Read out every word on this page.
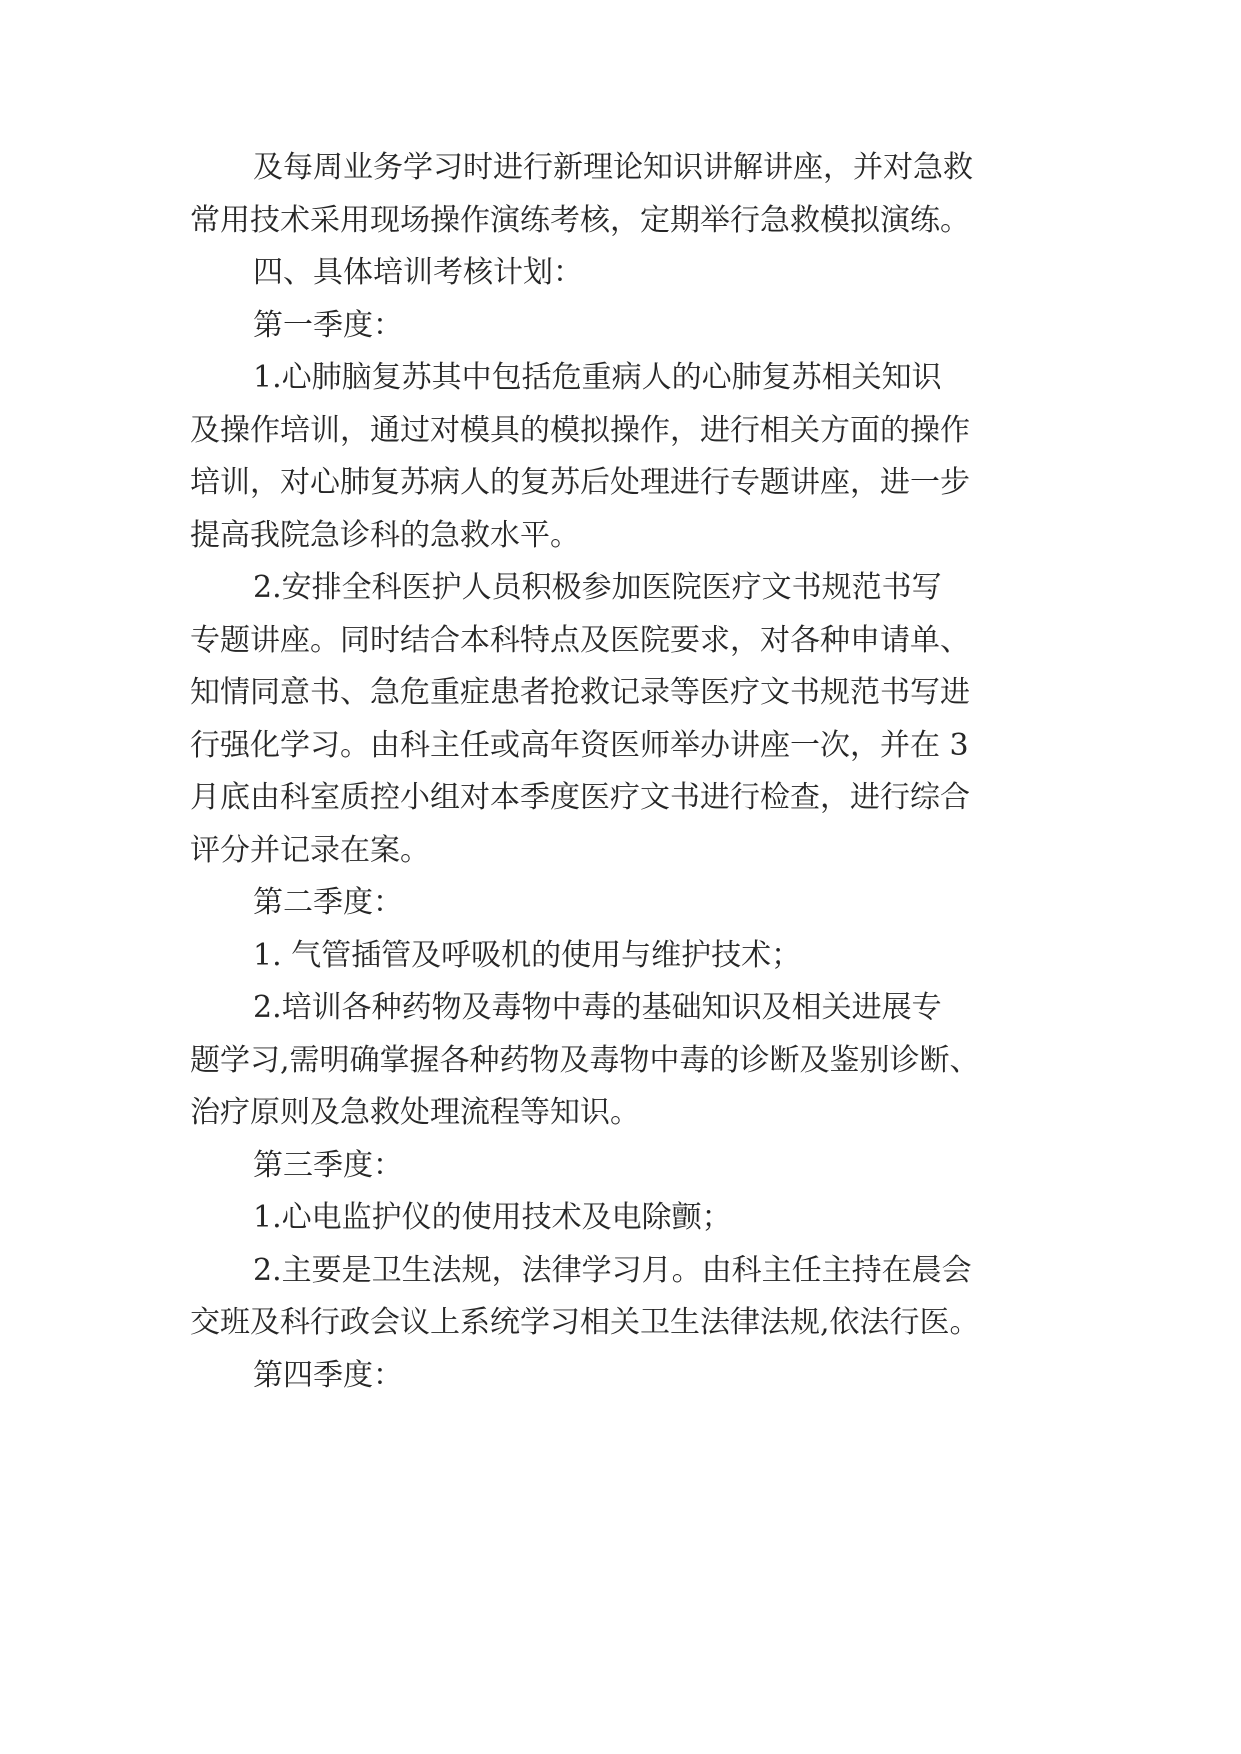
及每周业务学习时进行新理论知识讲解讲座，并对急救
常用技术采用现场操作演练考核，定期举行急救模拟演练。
四、具体培训考核计划：
第一季度：
1.心肺脑复苏其中包括危重病人的心肺复苏相关知识
及操作培训，通过对模具的模拟操作，进行相关方面的操作
培训，对心肺复苏病人的复苏后处理进行专题讲座，进一步
提高我院急诊科的急救水平。
2.安排全科医护人员积极参加医院医疗文书规范书写
专题讲座。同时结合本科特点及医院要求，对各种申请单、
知情同意书、急危重症患者抢救记录等医疗文书规范书写进
行强化学习。由科主任或高年资医师举办讲座一次，并在 3
月底由科室质控小组对本季度医疗文书进行检查，进行综合
评分并记录在案。
第二季度：
1. 气管插管及呼吸机的使用与维护技术；
2.培训各种药物及毒物中毒的基础知识及相关进展专
题学习,需明确掌握各种药物及毒物中毒的诊断及鉴别诊断、
治疗原则及急救处理流程等知识。
第三季度：
1.心电监护仪的使用技术及电除颤；
2.主要是卫生法规，法律学习月。由科主任主持在晨会
交班及科行政会议上系统学习相关卫生法律法规,依法行医。
第四季度：
